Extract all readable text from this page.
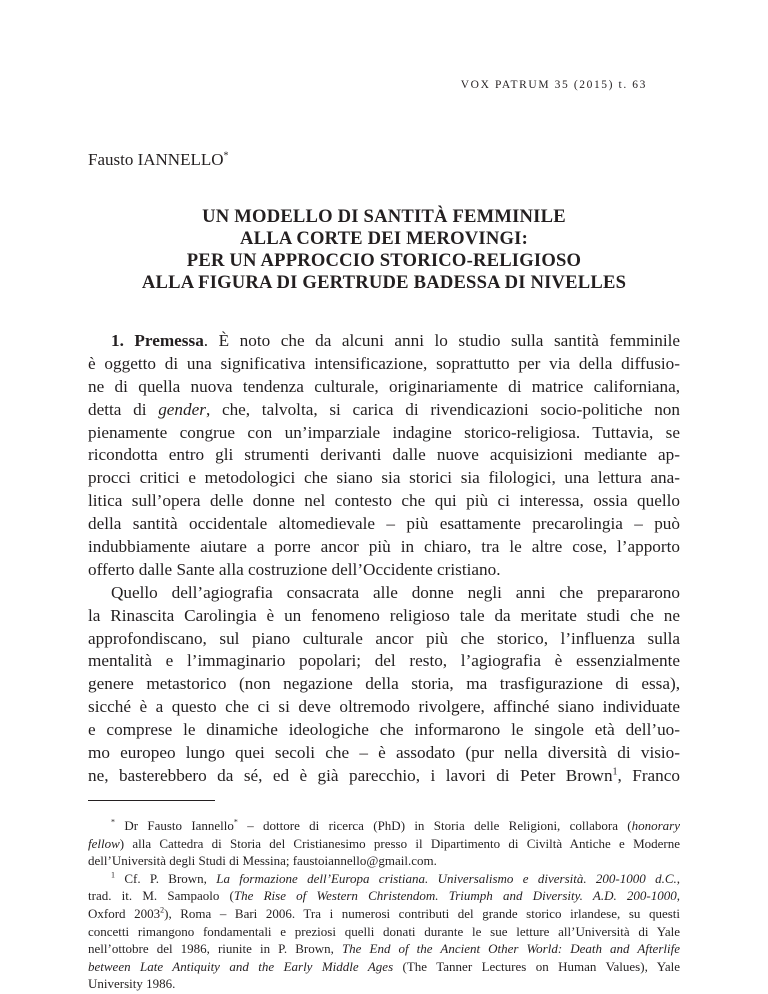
VOX PATRUM 35 (2015) t. 63
Fausto IANNELLO*
UN MODELLO DI SANTITÀ FEMMINILE
ALLA CORTE DEI MEROVINGI:
PER UN APPROCCIO STORICO-RELIGIOSO
ALLA FIGURA DI GERTRUDE BADESSA DI NIVELLES
1. Premessa. È noto che da alcuni anni lo studio sulla santità femminile
è oggetto di una significativa intensificazione, soprattutto per via della diffusio-
ne di quella nuova tendenza culturale, originariamente di matrice californiana,
detta di gender, che, talvolta, si carica di rivendicazioni socio-politiche non
pienamente congrue con un’imparziale indagine storico-religiosa. Tuttavia, se
ricondotta entro gli strumenti derivanti dalle nuove acquisizioni mediante ap-
procci critici e metodologici che siano sia storici sia filologici, una lettura ana-
litica sull’opera delle donne nel contesto che qui più ci interessa, ossia quello
della santità occidentale altomedievale – più esattamente precarolingia – può
indubbiamente aiutare a porre ancor più in chiaro, tra le altre cose, l’apporto
offerto dalle Sante alla costruzione dell’Occidente cristiano.
Quello dell’agiografia consacrata alle donne negli anni che prepararono
la Rinascita Carolingia è un fenomeno religioso tale da meritate studi che ne
approfondiscano, sul piano culturale ancor più che storico, l’influenza sulla
mentalità e l’immaginario popolari; del resto, l’agiografia è essenzialmente
genere metastorico (non negazione della storia, ma trasfigurazione di essa),
sicché è a questo che ci si deve oltremodo rivolgere, affinché siano individuate
e comprese le dinamiche ideologiche che informarono le singole età dell’uo-
mo europeo lungo quei secoli che – è assodato (pur nella diversità di visio-
ne, basterebbero da sé, ed è già parecchio, i lavori di Peter Brown$^1$, Franco
* Dr Fausto Iannello* – dottore di ricerca (PhD) in Storia delle Religioni, collabora (honorary
fellow) alla Cattedra di Storia del Cristianesimo presso il Dipartimento di Civiltà Antiche e Moderne
dell’Università degli Studi di Messina; faustoiannello@gmail.com.
$^1$ Cf. P. Brown, La formazione dell’Europa cristiana. Universalismo e diversità. 200-1000 d.C.,
trad. it. M. Sampaolo (The Rise of Western Christendom. Triumph and Diversity. A.D. 200-1000,
Oxford 2003$^2$), Roma – Bari 2006. Tra i numerosi contributi del grande storico irlandese, su questi
concetti rimangono fondamentali e preziosi quelli donati durante le sue letture all’Università di Yale
nell’ottobre del 1986, riunite in P. Brown, The End of the Ancient Other World: Death and Afterlife
between Late Antiquity and the Early Middle Ages (The Tanner Lectures on Human Values), Yale
University 1986.
